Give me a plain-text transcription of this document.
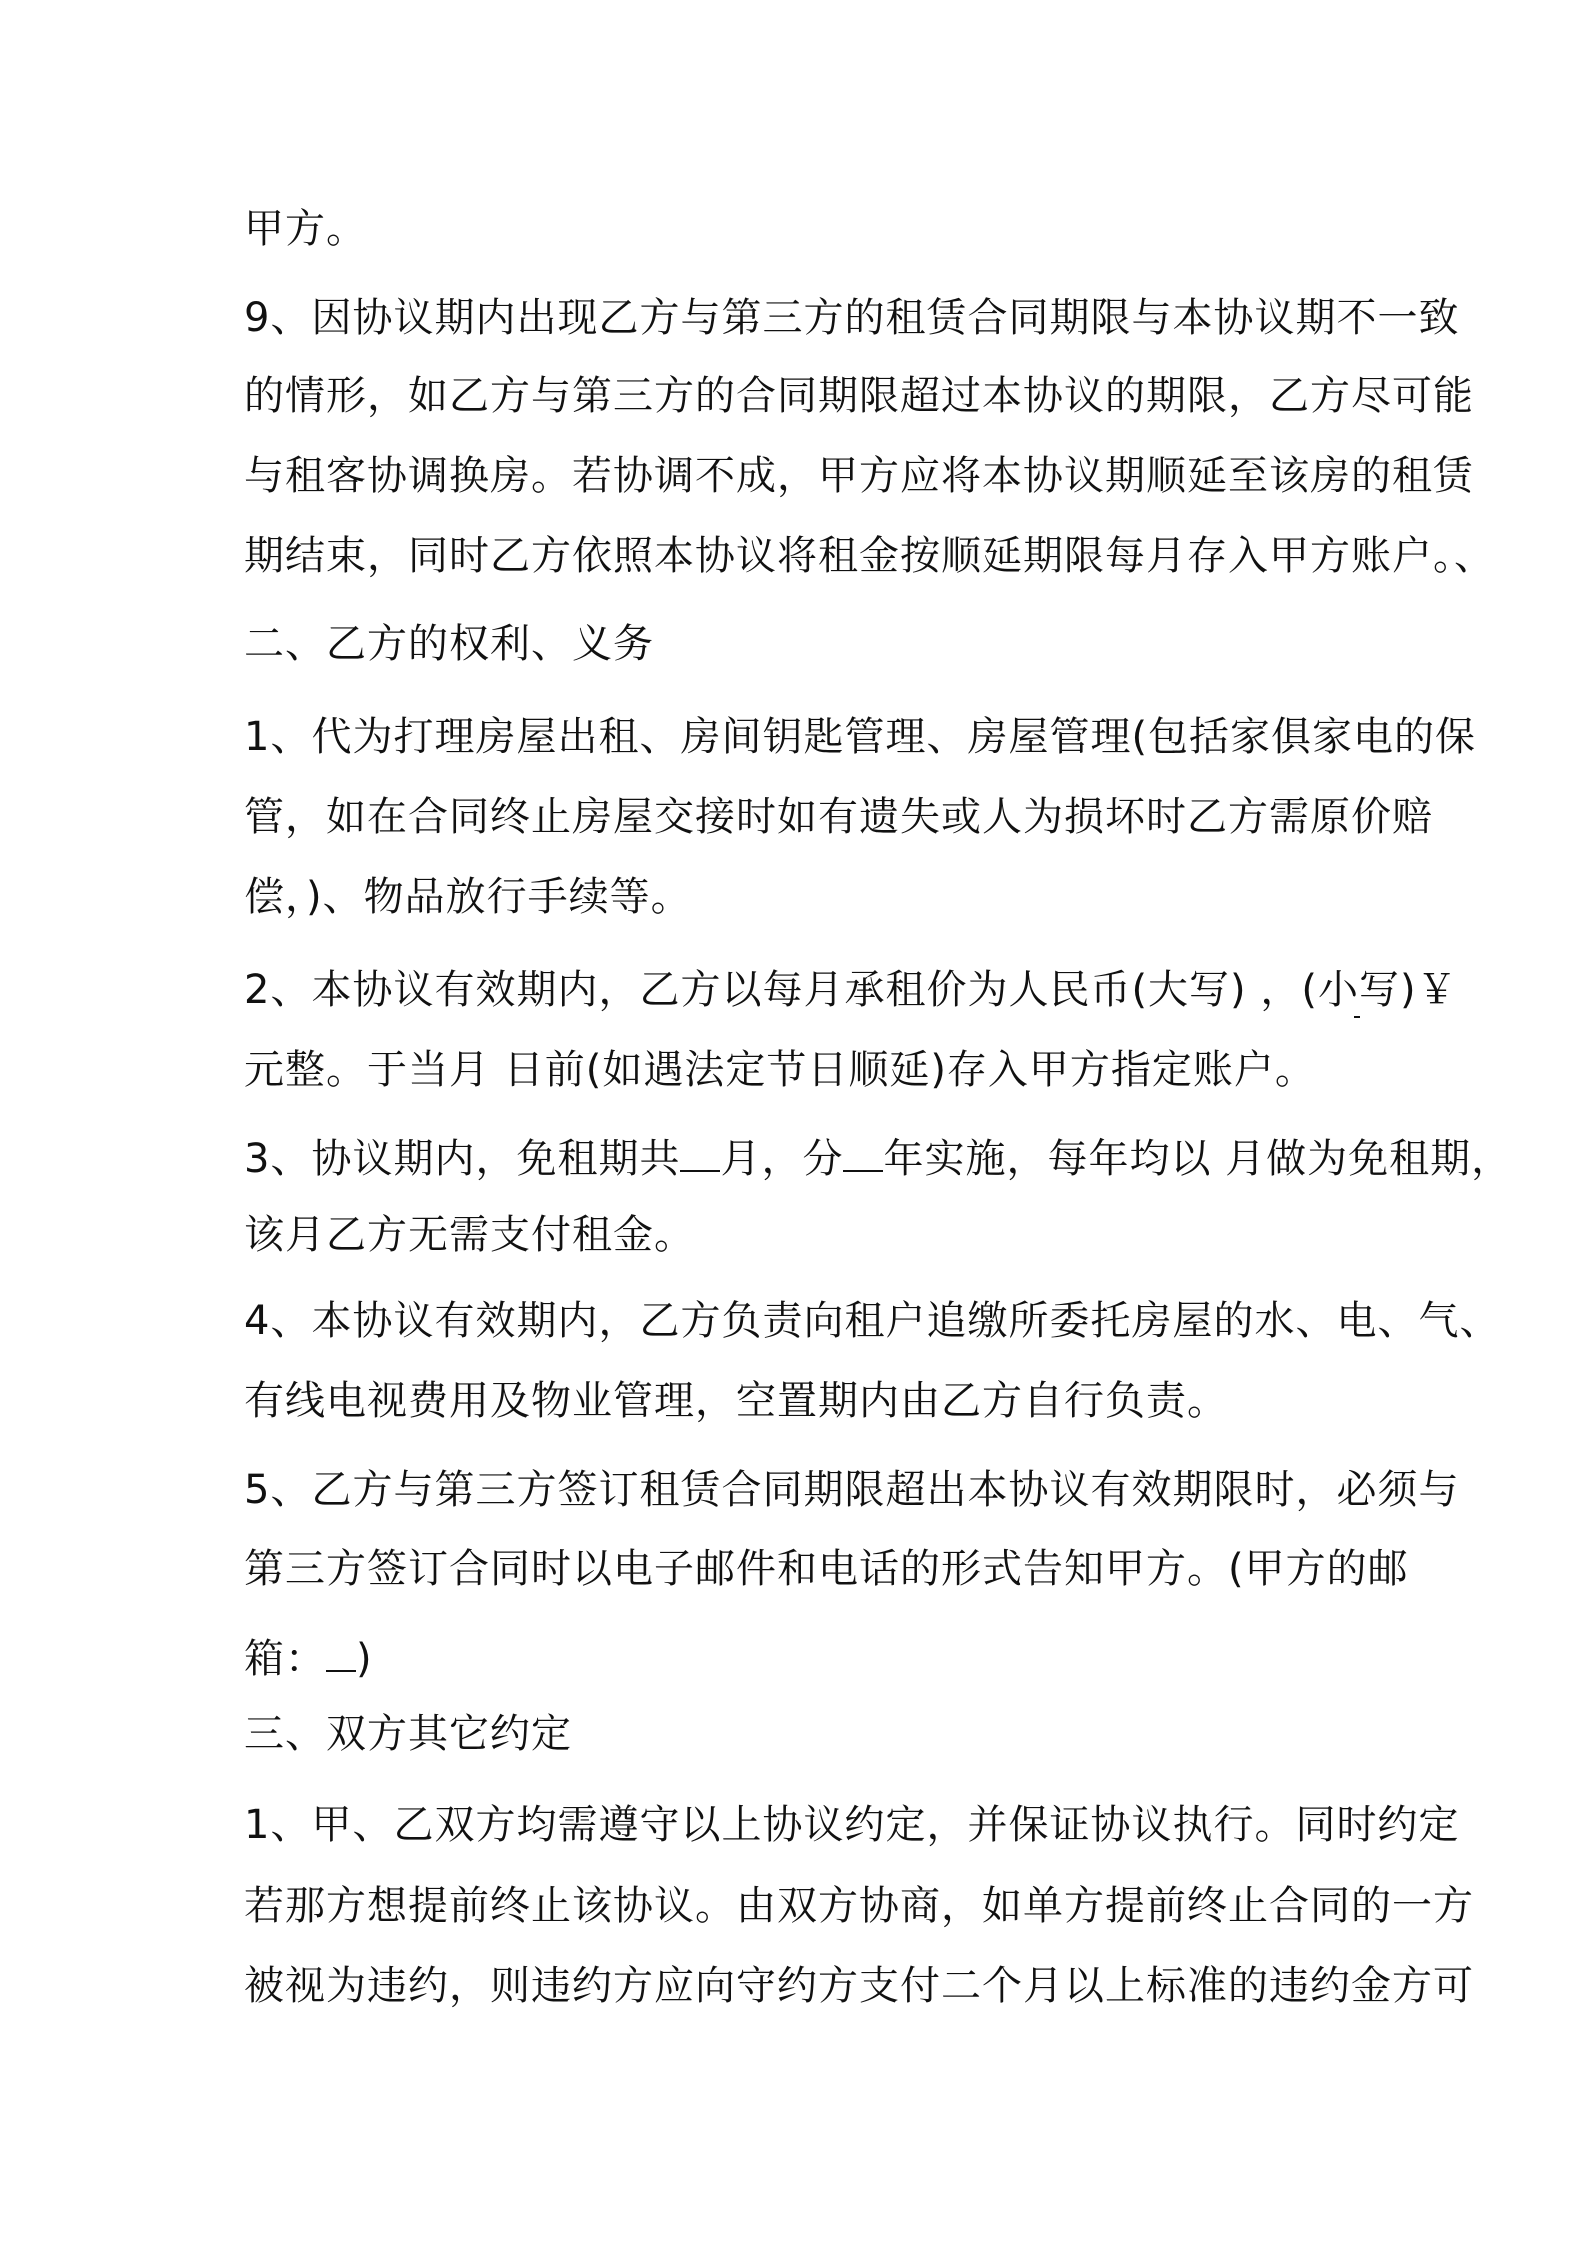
甲方。

9、因协议期内出现乙方与第三方的租赁合同期限与本协议期不一致

的情形，如乙方与第三方的合同期限超过本协议的期限，乙方尽可能

与租客协调换房。若协调不成，甲方应将本协议期顺延至该房的租赁

期结束，同时乙方依照本协议将租金按顺延期限每月存入甲方账户。、

二、乙方的权利、义务

1、代为打理房屋出租、房间钥匙管理、房屋管理(包括家俱家电的保

管，如在合同终止房屋交接时如有遗失或人为损坏时乙方需原价赔

偿，)、物品放行手续等。

2、本协议有效期内，乙方以每月承租价为人民币(大写) ，(小写)￥

元整。于当月 日前(如遇法定节日顺延)存入甲方指定账户。

3、协议期内，免租期共 月，分 年实施，每年均以 月做为免租期，

该月乙方无需支付租金。

4、本协议有效期内，乙方负责向租户追缴所委托房屋的水、电、气、

有线电视费用及物业管理，空置期内由乙方自行负责。

5、乙方与第三方签订租赁合同期限超出本协议有效期限时，必须与

第三方签订合同时以电子邮件和电话的形式告知甲方。(甲方的邮

箱： )

三、双方其它约定

1、甲、乙双方均需遵守以上协议约定，并保证协议执行。同时约定

若那方想提前终止该协议。由双方协商，如单方提前终止合同的一方

被视为违约，则违约方应向守约方支付二个月以上标准的违约金方可
